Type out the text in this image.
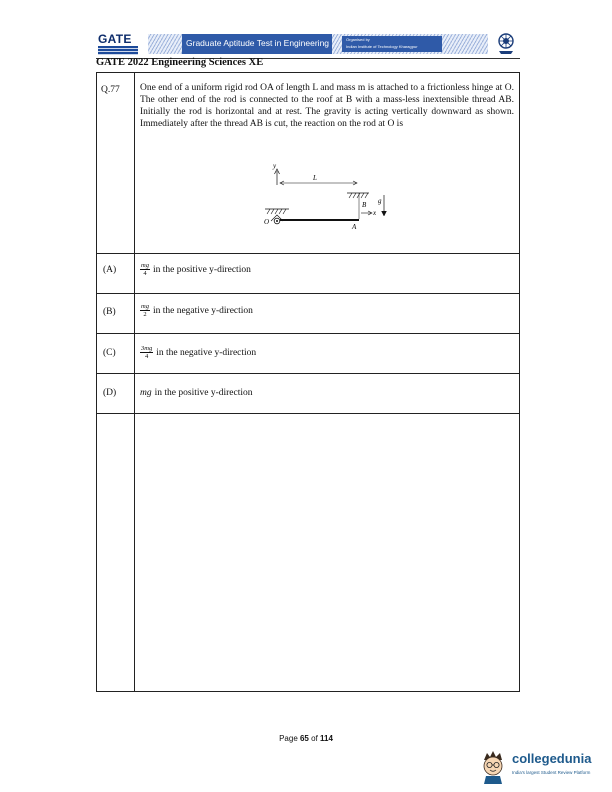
GATE	Graduate Aptitude Test in Engineering	Organised by
Indian Institute of Technology Kharagpur
GATE 2022 Engineering Sciences XE
Q.77 One end of a uniform rigid rod OA of length L and mass m is attached to a frictionless hinge at O. The other end of the rod is connected to the roof at B with a mass-less inextensible thread AB. Initially the rod is horizontal and at rest. The gravity is acting vertically downward as shown. Immediately after the thread AB is cut, the reaction on the rod at O is
y
L
B g
O
A
x
(A)	$\frac{mg}{4}$ in the positive y-direction
(B)	$\frac{mg}{2}$ in the negative y-direction
(C)	$\frac{3mg}{4}$ in the negative y-direction
(D)	mg in the positive y-direction
Page 65 of 114
collegedunia
India's largest Student Review Platform
